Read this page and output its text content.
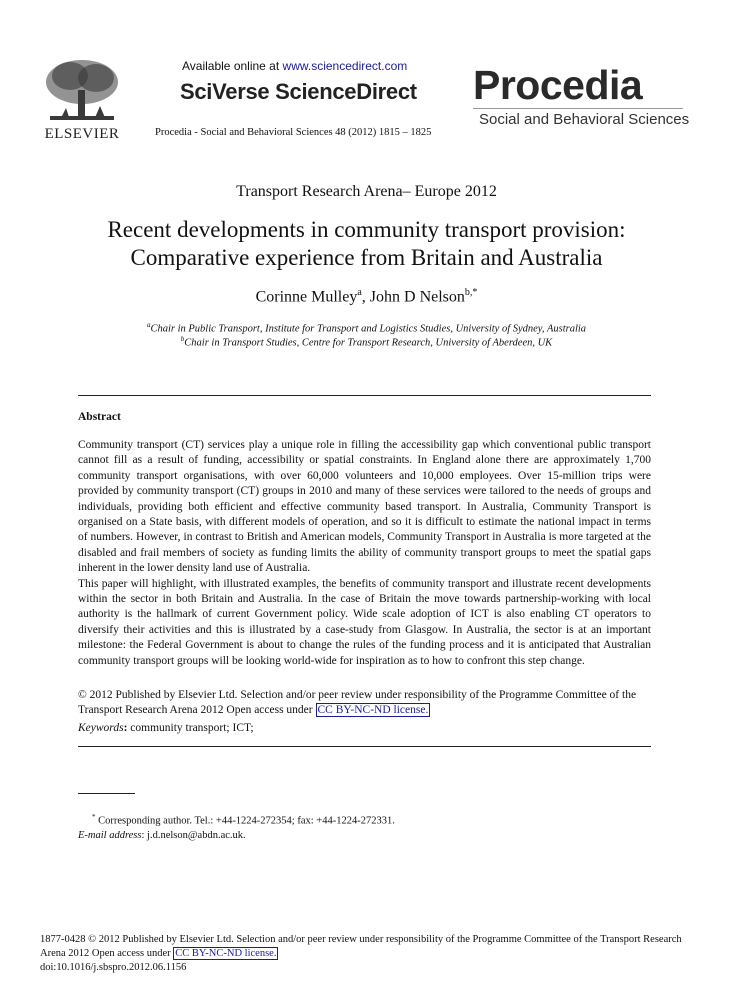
ELSEVIER
Available online at www.sciencedirect.com
SciVerse ScienceDirect
Procedia - Social and Behavioral Sciences 48 (2012) 1815 – 1825
Procedia
Social and Behavioral Sciences
Transport Research Arena– Europe 2012
Recent developments in community transport provision:
Comparative experience from Britain and Australia
Corinne Mulley$^a$, John D Nelson$^{b,*}$
$^a$Chair in Public Transport, Institute for Transport and Logistics Studies, University of Sydney, Australia
$^b$Chair in Transport Studies, Centre for Transport Research, University of Aberdeen, UK
Abstract

Community transport (CT) services play a unique role in filling the accessibility gap which conventional public transport cannot fill as a result of funding, accessibility or spatial constraints. In England alone there are approximately 1,700 community transport organisations, with over 60,000 volunteers and 10,000 employees. Over 15-million trips were provided by community transport (CT) groups in 2010 and many of these services were tailored to the needs of groups and individuals, providing both efficient and effective community based transport. In Australia, Community Transport is organised on a State basis, with different models of operation, and so it is difficult to estimate the national impact in terms of numbers. However, in contrast to British and American models, Community Transport in Australia is more targeted at the disabled and frail members of society as funding limits the ability of community transport groups to meet the spatial gaps inherent in the lower density land use of Australia.

This paper will highlight, with illustrated examples, the benefits of community transport and illustrate recent developments within the sector in both Britain and Australia. In the case of Britain the move towards partnership-working with local authority is the hallmark of current Government policy. Wide scale adoption of ICT is also enabling CT operators to diversify their activities and this is illustrated by a case-study from Glasgow. In Australia, the sector is at an important milestone: the Federal Government is about to change the rules of the funding process and it is anticipated that Australian community transport groups will be looking world-wide for inspiration as to how to confront this step change.

© 2012 Published by Elsevier Ltd. Selection and/or peer review under responsibility of the Programme Committee of the Transport Research Arena 2012 Open access under CC BY-NC-ND license.
Keywords: community transport; ICT;
* Corresponding author. Tel.: +44-1224-272354; fax: +44-1224-272331.
E-mail address: j.d.nelson@abdn.ac.uk.
1877-0428 © 2012 Published by Elsevier Ltd. Selection and/or peer review under responsibility of the Programme Committee of the Transport Research
Arena 2012 Open access under CC BY-NC-ND license.
doi:10.1016/j.sbspro.2012.06.1156
